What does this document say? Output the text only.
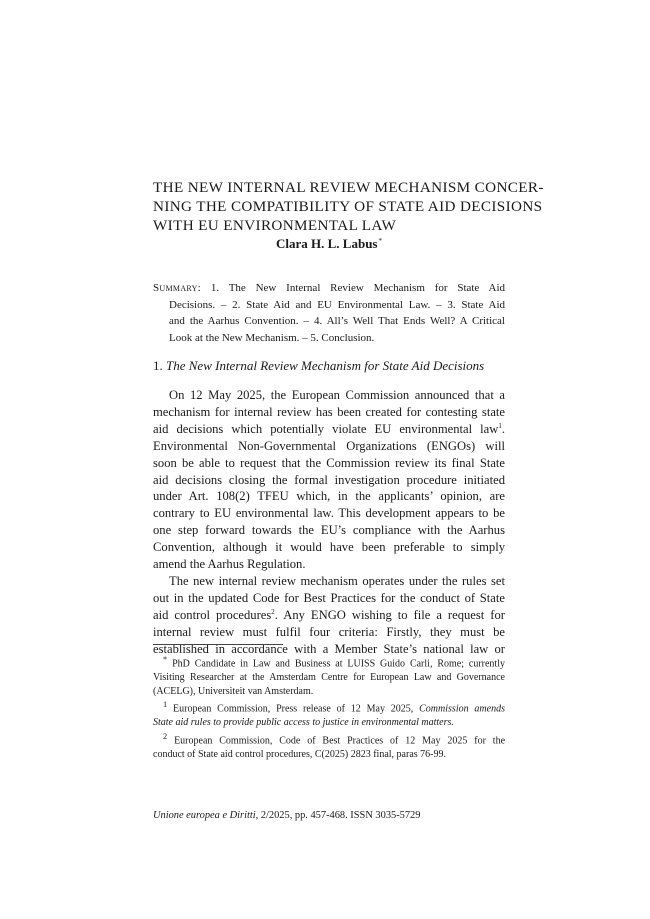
THE NEW INTERNAL REVIEW MECHANISM CONCER-
NING THE COMPATIBILITY OF STATE AID DECISIONS
WITH EU ENVIRONMENTAL LAW

Clara H. L. Labus*

Summary: 1. The New Internal Review Mechanism for State Aid
Decisions. – 2. State Aid and EU Environmental Law. – 3. State Aid
and the Aarhus Convention. – 4. All’s Well That Ends Well? A Critical
Look at the New Mechanism. – 5. Conclusion.
1. The New Internal Review Mechanism for State Aid Decisions
On 12 May 2025, the European Commission announced that a
mechanism for internal review has been created for contesting state
aid decisions which potentially violate EU environmental law$^1$.
Environmental Non-Governmental Organizations (ENGOs) will
soon be able to request that the Commission review its final State
aid decisions closing the formal investigation procedure initiated
under Art. 108(2) TFEU which, in the applicants’ opinion, are
contrary to EU environmental law. This development appears to be
one step forward towards the EU’s compliance with the Aarhus
Convention, although it would have been preferable to simply
amend the Aarhus Regulation.
The new internal review mechanism operates under the rules set
out in the updated Code for Best Practices for the conduct of State
aid control procedures$^2$. Any ENGO wishing to file a request for
internal review must fulfil four criteria: Firstly, they must be
established in accordance with a Member State’s national law or
* PhD Candidate in Law and Business at LUISS Guido Carli, Rome; currently
Visiting Researcher at the Amsterdam Centre for European Law and Governance
(ACELG), Universiteit van Amsterdam.
$^1$ European Commission, Press release of 12 May 2025, Commission amends
State aid rules to provide public access to justice in environmental matters.
$^2$ European Commission, Code of Best Practices of 12 May 2025 for the
conduct of State aid control procedures, C(2025) 2823 final, paras 76-99.
Unione europea e Diritti, 2/2025, pp. 457-468. ISSN 3035-5729
